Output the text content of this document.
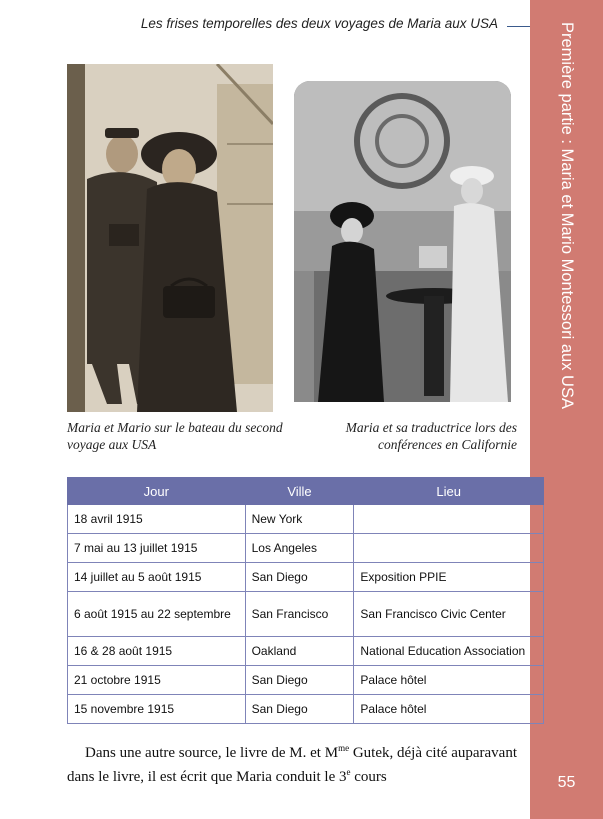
Première partie : Maria et Mario Montessori aux USA
55
Les frises temporelles des deux voyages de Maria aux USA
Maria et Mario sur le bateau du second voyage aux USA
Maria et sa traductrice lors des conférences en Californie
Jour	Ville	Lieu
18 avril 1915	New York	
7 mai au 13 juillet 1915	Los Angeles	
14 juillet au 5 août 1915	San Diego	Exposition PPIE
6 août 1915 au 22 septembre	San Francisco	San Francisco Civic Center
16 & 28 août 1915	Oakland	National Education Association
21 octobre 1915	San Diego	Palace hôtel
15 novembre 1915	San Diego	Palace hôtel
Dans une autre source, le livre de M. et $M^{me}$ Gutek, déjà cité auparavant dans le livre, il est écrit que Maria conduit le 3e cours
